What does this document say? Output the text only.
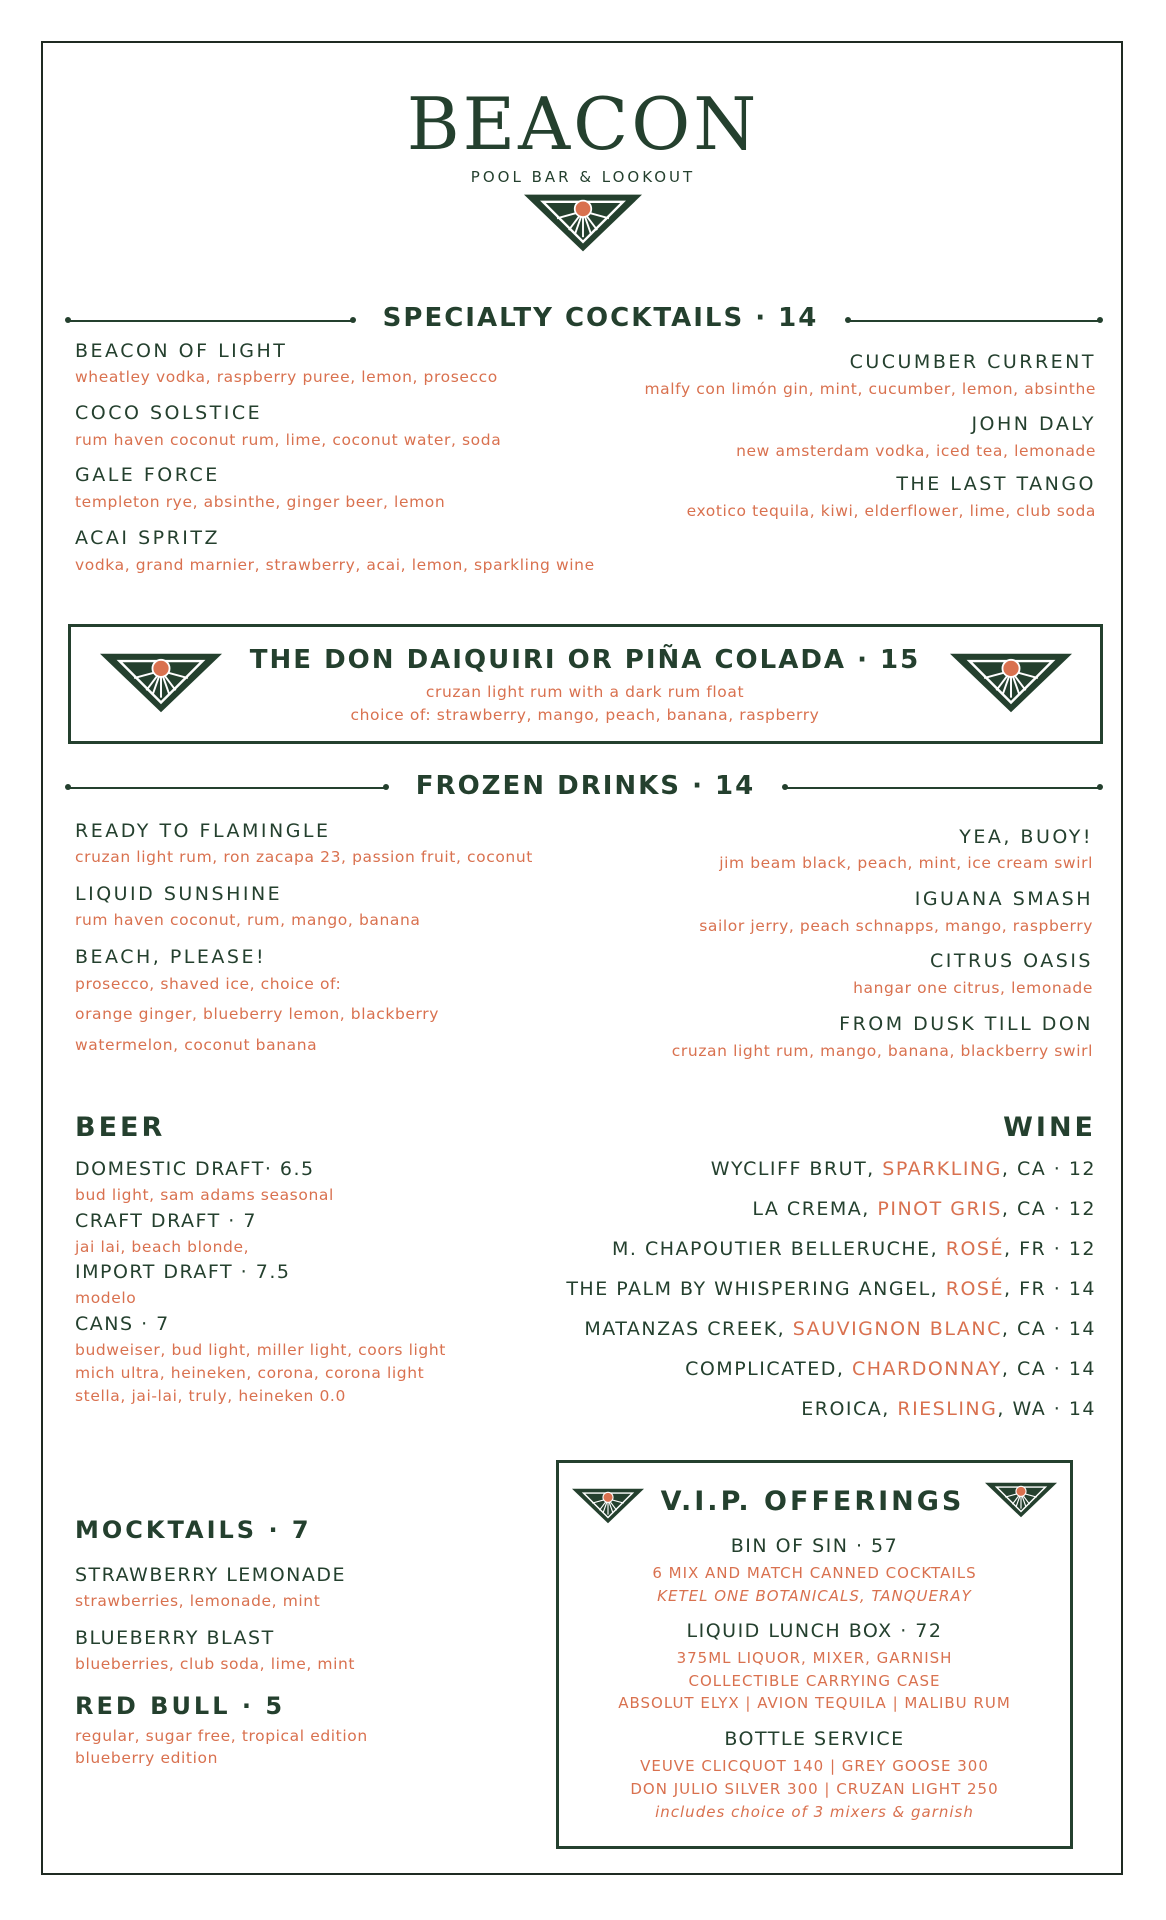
BEACON
POOL BAR & LOOKOUT
SPECIALTY COCKTAILS · 14
BEACON OF LIGHT
wheatley vodka, raspberry puree, lemon, prosecco
COCO SOLSTICE
rum haven coconut rum, lime, coconut water, soda
GALE FORCE
templeton rye, absinthe, ginger beer, lemon
ACAI SPRITZ
vodka, grand marnier, strawberry, acai, lemon, sparkling wine
CUCUMBER CURRENT
malfy con limón gin, mint, cucumber, lemon, absinthe
JOHN DALY
new amsterdam vodka, iced tea, lemonade
THE LAST TANGO
exotico tequila, kiwi, elderflower, lime, club soda
THE DON DAIQUIRI OR PIÑA COLADA · 15
cruzan light rum with a dark rum float
choice of: strawberry, mango, peach, banana, raspberry
FROZEN DRINKS · 14
READY TO FLAMINGLE
cruzan light rum, ron zacapa 23, passion fruit, coconut
LIQUID SUNSHINE
rum haven coconut, rum, mango, banana
BEACH, PLEASE!
prosecco, shaved ice, choice of:
orange ginger, blueberry lemon, blackberry
watermelon, coconut banana
YEA, BUOY!
jim beam black, peach, mint, ice cream swirl
IGUANA SMASH
sailor jerry, peach schnapps, mango, raspberry
CITRUS OASIS
hangar one citrus, lemonade
FROM DUSK TILL DON
cruzan light rum, mango, banana, blackberry swirl
BEER
DOMESTIC DRAFT· 6.5
bud light, sam adams seasonal
CRAFT DRAFT · 7
jai lai, beach blonde,
IMPORT DRAFT · 7.5
modelo
CANS · 7
budweiser, bud light, miller light, coors light
mich ultra, heineken, corona, corona light
stella, jai-lai, truly, heineken 0.0
WINE
WYCLIFF BRUT, SPARKLING, CA · 12
LA CREMA, PINOT GRIS, CA · 12
M. CHAPOUTIER BELLERUCHE, ROSÉ, FR · 12
THE PALM BY WHISPERING ANGEL, ROSÉ, FR · 14
MATANZAS CREEK, SAUVIGNON BLANC, CA · 14
COMPLICATED, CHARDONNAY, CA · 14
EROICA, RIESLING, WA · 14
MOCKTAILS · 7
STRAWBERRY LEMONADE
strawberries, lemonade, mint
BLUEBERRY BLAST
blueberries, club soda, lime, mint
RED BULL · 5
regular, sugar free, tropical edition
blueberry edition
V.I.P. OFFERINGS
BIN OF SIN · 57
6 MIX AND MATCH CANNED COCKTAILS
KETEL ONE BOTANICALS, TANQUERAY
LIQUID LUNCH BOX · 72
375ML LIQUOR, MIXER, GARNISH
COLLECTIBLE CARRYING CASE
ABSOLUT ELYX | AVION TEQUILA | MALIBU RUM
BOTTLE SERVICE
VEUVE CLICQUOT 140 | GREY GOOSE 300
DON JULIO SILVER 300 | CRUZAN LIGHT 250
includes choice of 3 mixers & garnish
